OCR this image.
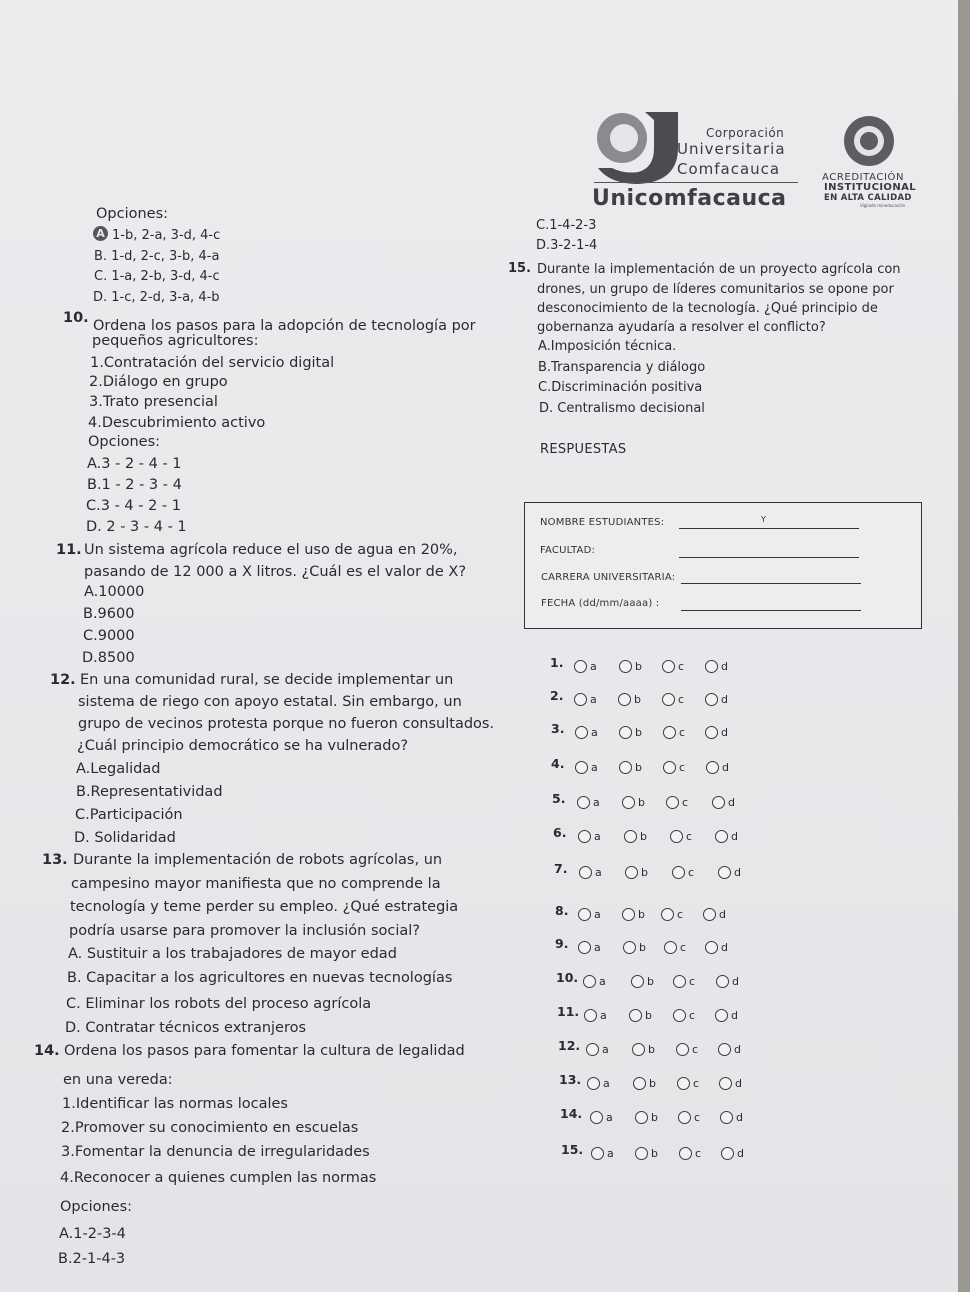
Corporación
Universitaria
Comfacauca
Unicomfacauca
ACREDITACIÓN
INSTITUCIONAL
EN ALTA CALIDAD
Vigilado mineducación
Opciones:
A 1-b, 2-a, 3-d, 4-c
B. 1-d, 2-c, 3-b, 4-a
C. 1-a, 2-b, 3-d, 4-c
D. 1-c, 2-d, 3-a, 4-b
10. Ordena los pasos para la adopción de tecnología por
pequeños agricultores:
1.Contratación del servicio digital
2.Diálogo en grupo
3.Trato presencial
4.Descubrimiento activo
Opciones:
A.3 - 2 - 4 - 1
B.1 - 2 - 3 - 4
C.3 - 4 - 2 - 1
D. 2 - 3 - 4 - 1
11. Un sistema agrícola reduce el uso de agua en 20%,
pasando de 12 000 a X litros. ¿Cuál es el valor de X?
A.10000
B.9600
C.9000
D.8500
12. En una comunidad rural, se decide implementar un
sistema de riego con apoyo estatal. Sin embargo, un
grupo de vecinos protesta porque no fueron consultados.
¿Cuál principio democrático se ha vulnerado?
A.Legalidad
B.Representatividad
C.Participación
D. Solidaridad
13. Durante la implementación de robots agrícolas, un
campesino mayor manifiesta que no comprende la
tecnología y teme perder su empleo. ¿Qué estrategia
podría usarse para promover la inclusión social?
A. Sustituir a los trabajadores de mayor edad
B. Capacitar a los agricultores en nuevas tecnologías
C. Eliminar los robots del proceso agrícola
D. Contratar técnicos extranjeros
14. Ordena los pasos para fomentar la cultura de legalidad
en una vereda:
1.Identificar las normas locales
2.Promover su conocimiento en escuelas
3.Fomentar la denuncia de irregularidades
4.Reconocer a quienes cumplen las normas
Opciones:
A.1-2-3-4
B.2-1-4-3
C.1-4-2-3
D.3-2-1-4
15. Durante la implementación de un proyecto agrícola con
drones, un grupo de líderes comunitarios se opone por
desconocimiento de la tecnología. ¿Qué principio de
gobernanza ayudaría a resolver el conflicto?
A.Imposición técnica.
B.Transparencia y diálogo
C.Discriminación positiva
D. Centralismo decisional
RESPUESTAS
NOMBRE ESTUDIANTES:	Y
FACULTAD:
CARRERA UNIVERSITARIA:
FECHA (dd/mm/aaaa) :
1.	a	b	c	d
2.	a	b	c	d
3.	a	b	c	d
4.	a	b	c	d
5.	a	b	c	d
6.	a	b	c	d
7.	a	b	c	d
8.	a	b	c	d
9.	a	b	c	d
10.	a	b	c	d
11.	a	b	c	d
12.	a	b	c	d
13.	a	b	c	d
14.	a	b	c	d
15.	a	b	c	d
